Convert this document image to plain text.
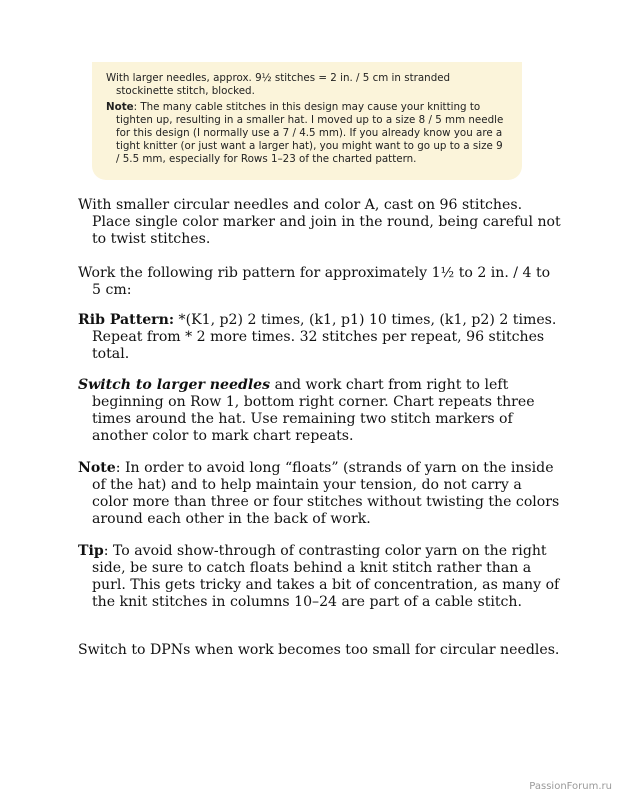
With larger needles, approx. 9½ stitches = 2 in. / 5 cm in stranded stockinette stitch, blocked.

Note: The many cable stitches in this design may cause your knitting to tighten up, resulting in a smaller hat. I moved up to a size 8 / 5 mm needle for this design (I normally use a 7 / 4.5 mm). If you already know you are a tight knitter (or just want a larger hat), you might want to go up to a size 9 / 5.5 mm, especially for Rows 1–23 of the charted pattern.

With smaller circular needles and color A, cast on 96 stitches. Place single color marker and join in the round, being careful not to twist stitches.

Work the following rib pattern for approximately 1½ to 2 in. / 4 to 5 cm:

Rib Pattern: *(K1, p2) 2 times, (k1, p1) 10 times, (k1, p2) 2 times. Repeat from * 2 more times. 32 stitches per repeat, 96 stitches total.

Switch to larger needles and work chart from right to left beginning on Row 1, bottom right corner. Chart repeats three times around the hat. Use remaining two stitch markers of another color to mark chart repeats.

Note: In order to avoid long “floats” (strands of yarn on the inside of the hat) and to help maintain your tension, do not carry a color more than three or four stitches without twisting the colors around each other in the back of work.

Tip: To avoid show-through of contrasting color yarn on the right side, be sure to catch floats behind a knit stitch rather than a purl. This gets tricky and takes a bit of concentration, as many of the knit stitches in columns 10–24 are part of a cable stitch.

Switch to DPNs when work becomes too small for circular needles.

PassionForum.ru
